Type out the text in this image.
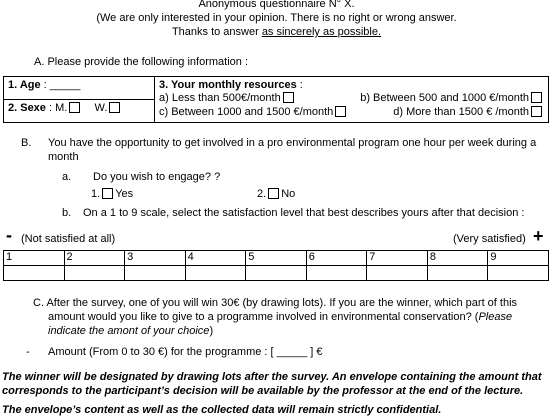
Anonymous questionnaire N° X.
(We are only interested in your opinion. There is no right or wrong answer.
Thanks to answer as sincerely as possible.
A. Please provide the following information :
1. Age : _____	3. Your monthly resources :
a) Less than 500€/month	b) Between 500 and 1000 €/month
c) Between 1000 and 1500 €/month	d) More than 1500 € /month

2. Sexe : M. W.
B. You have the opportunity to get involved in a pro environmental program one hour per week during a
month
a. Do you wish to engage? ?
1. Yes	2. No
b. On a 1 to 9 scale, select the satisfaction level that best describes yours after that decision :
- (Not satisfied at all)	(Very satisfied) +
1	2	3	4	5	6	7	8	9

C. After the survey, one of you will win 30€ (by drawing lots). If you are the winner, which part of this
amount would you like to give to a programme involved in environmental conservation? (Please
indicate the amont of your choice)
- Amount (From 0 to 30 €) for the programme : [ _____ ] €
The winner will be designated by drawing lots after the survey. An envelope containing the amount that
corresponds to the participant’s decision will be available by the professor at the end of the lecture.
The envelope’s content as well as the collected data will remain strictly confidential.
